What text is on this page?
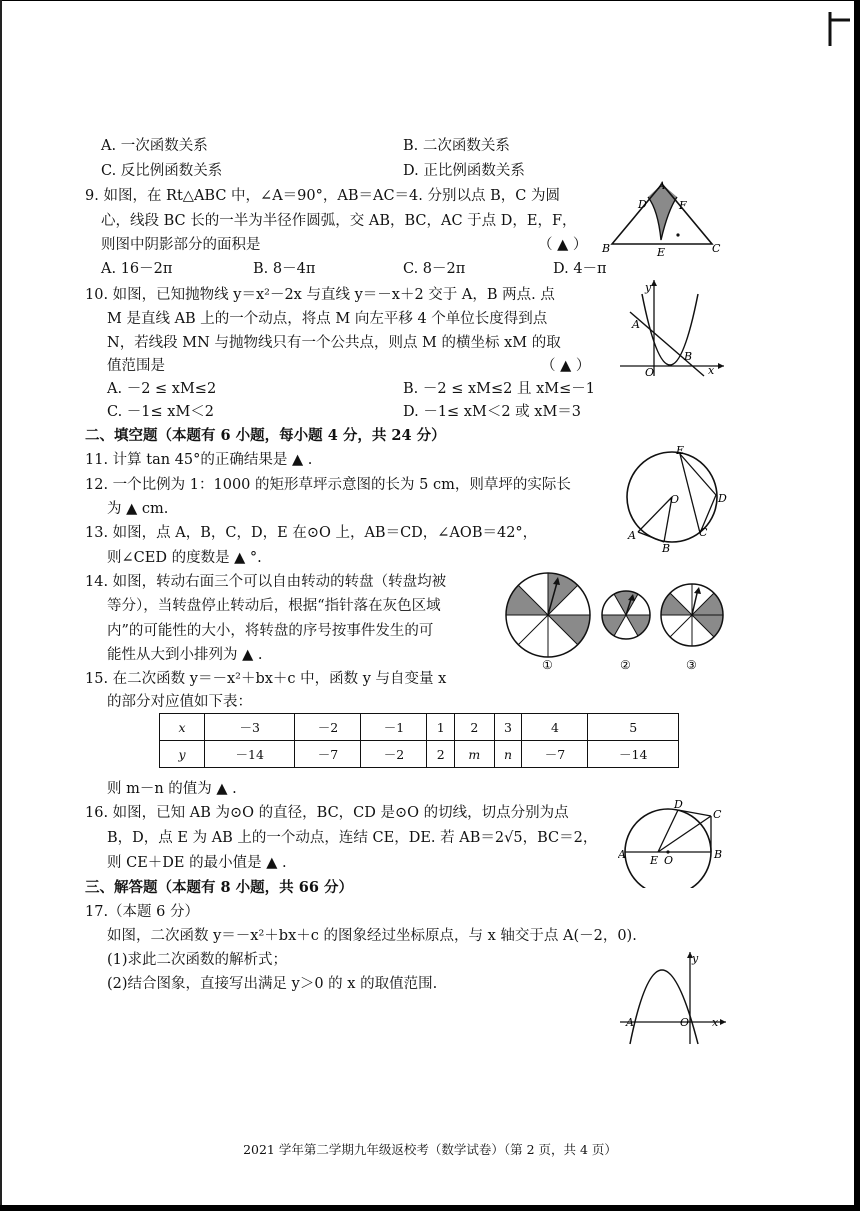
A. 一次函数关系	B. 二次函数关系
C. 反比例函数关系	D. 正比例函数关系
9. 如图，在 Rt△ABC 中，∠A＝90°，AB＝AC＝4. 分别以点 B，C 为圆
心，线段 BC 长的一半为半径作圆弧，交 AB，BC，AC 于点 D，E，F，
则图中阴影部分的面积是	（ ▲ ）
A. 16－2π	B. 8－4π	C. 8－2π	D. 4－π
A
B	C
D
E
F
10. 如图，已知抛物线 y＝x²－2x 与直线 y＝－x＋2 交于 A，B 两点. 点
M 是直线 AB 上的一个动点，将点 M 向左平移 4 个单位长度得到点
N，若线段 MN 与抛物线只有一个公共点，则点 M 的横坐标 xM 的取
值范围是	（ ▲ ）
A. －2 ≤ xM≤2	B. －2 ≤ xM≤2 且 xM≤－1
C. －1≤ xM＜2	D. －1≤ xM＜2 或 xM＝3
y
x
A
B
O
二、填空题（本题有 6 小题，每小题 4 分，共 24 分）
11. 计算 tan 45°的正确结果是 ▲ .
12. 一个比例为 1：1000 的矩形草坪示意图的长为 5 cm，则草坪的实际长
为 ▲ cm.
13. 如图，点 A，B，C，D，E 在⊙O 上，AB＝CD，∠AOB＝42°，
则∠CED 的度数是 ▲ °.
E
O	D
C
A
B
14. 如图，转动右面三个可以自由转动的转盘（转盘均被
等分），当转盘停止转动后，根据“指针落在灰色区域
内”的可能性的大小，将转盘的序号按事件发生的可
能性从大到小排列为 ▲ .
①	②	③
15. 在二次函数 y＝－x²＋bx＋c 中，函数 y 与自变量 x
的部分对应值如下表：
x	－3	－2	－1	1	2	3	4	5
y	－14	－7	－2	2	m	n	－7	－14
则 m－n 的值为 ▲ .
16. 如图，已知 AB 为⊙O 的直径，BC，CD 是⊙O 的切线，切点分别为点
B，D，点 E 为 AB 上的一个动点，连结 CE，DE. 若 AB＝2√5，BC＝2，
则 CE＋DE 的最小值是 ▲ .
D
C
A E O	B
三、解答题（本题有 8 小题，共 66 分）
17.（本题 6 分）
如图，二次函数 y＝－x²＋bx＋c 的图象经过坐标原点，与 x 轴交于点 A(－2，0).
(1)求此二次函数的解析式；
(2)结合图象，直接写出满足 y＞0 的 x 的取值范围.
y
A	O x
2021 学年第二学期九年级返校考（数学试卷）（第 2 页，共 4 页）
